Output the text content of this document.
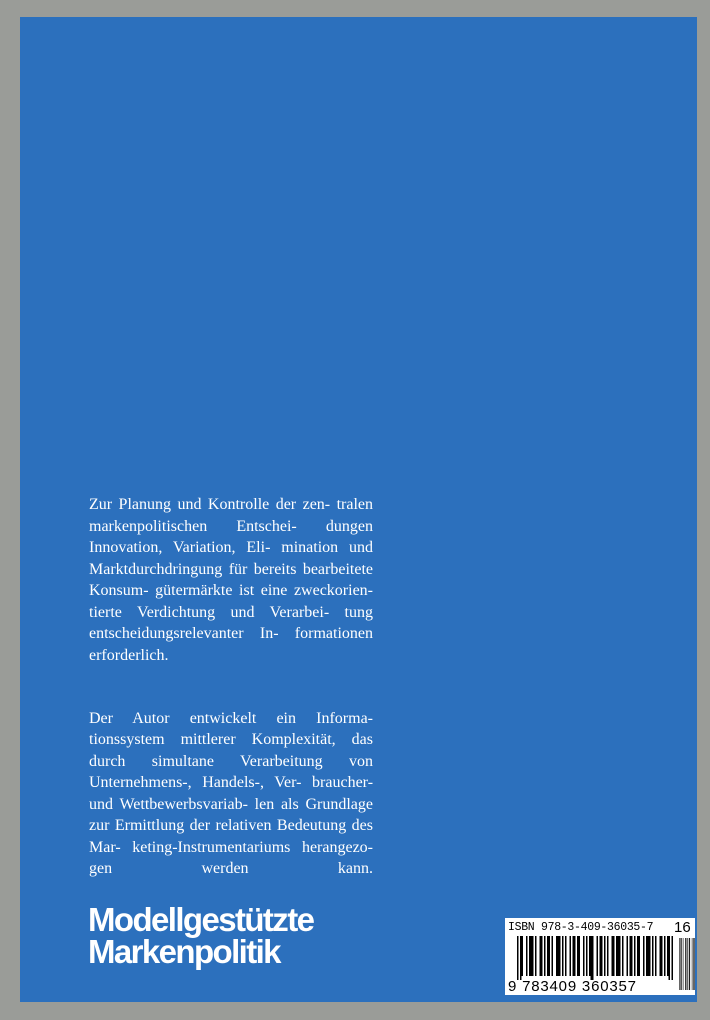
Zur Planung und Kontrolle der zen- tralen markenpolitischen Entschei- dungen Innovation, Variation, Eli- mination und Marktdurchdringung für bereits bearbeitete Konsum- gütermärkte ist eine zweckorien- tierte Verdichtung und Verarbei- tung entscheidungsrelevanter In- formationen erforderlich.

Der Autor entwickelt ein Informa- tionssystem mittlerer Komplexität, das durch simultane Verarbeitung von Unternehmens-, Handels-, Ver- braucher- und Wettbewerbsvariab- len als Grundlage zur Ermittlung der relativen Bedeutung des Mar- keting-Instrumentariums herangezo- gen werden kann.

Modellgestützte
Markenpolitik
ISBN 978-3-409-36035-7 16
9 783409 360357
